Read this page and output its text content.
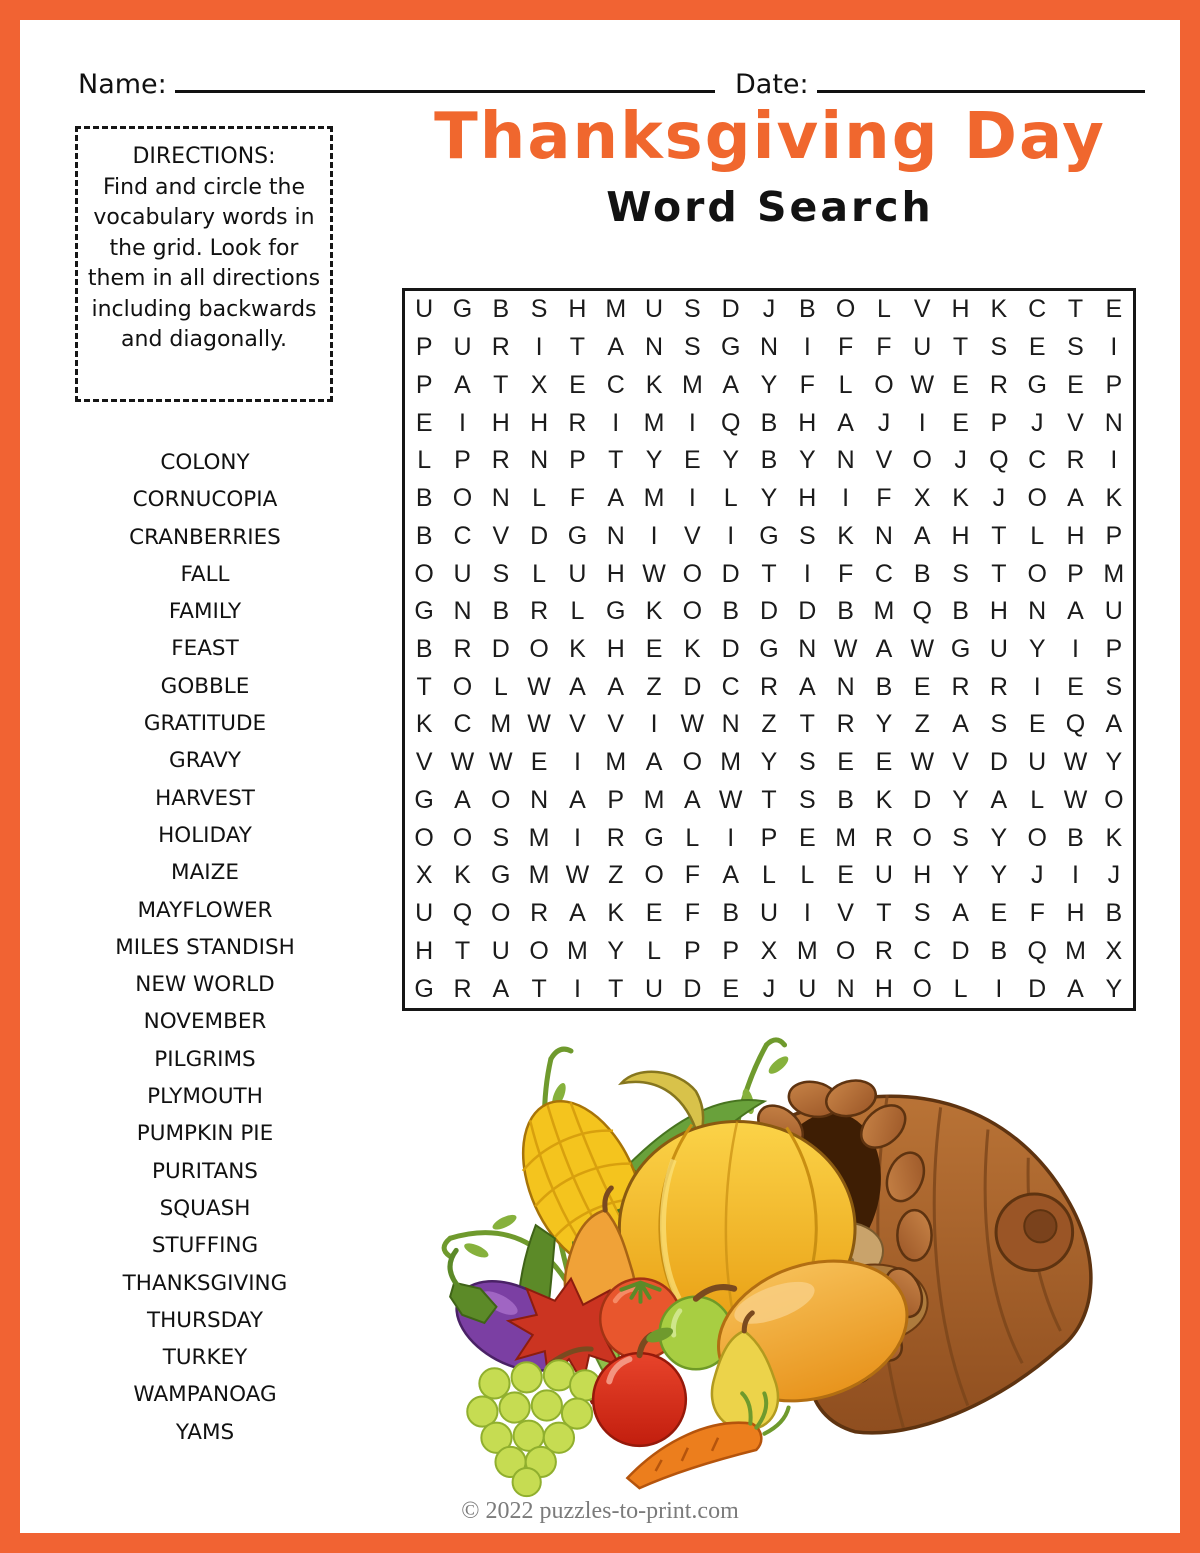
Name:	Date:
Thanksgiving Day
Word Search
DIRECTIONS:
Find and circle the vocabulary words in the grid. Look for them in all directions including backwards and diagonally.
COLONY
CORNUCOPIA
CRANBERRIES
FALL
FAMILY
FEAST
GOBBLE
GRATITUDE
GRAVY
HARVEST
HOLIDAY
MAIZE
MAYFLOWER
MILES STANDISH
NEW WORLD
NOVEMBER
PILGRIMS
PLYMOUTH
PUMPKIN PIE
PURITANS
SQUASH
STUFFING
THANKSGIVING
THURSDAY
TURKEY
WAMPANOAG
YAMS
U G B S H M U S D J B O L V H K C T E
P U R	I	T A N S G N	I	F F U T S E S	I
P A T X E C K M A Y F L O W E R G E P
E	I	H H R	I M I	Q B H A J	I	E P J V N
L P R N P T Y E Y B Y N V O J Q C R	I
B O N L F A M I	L Y H	I	F X K J O A K
B C V D G N	I	V	I	G S K N A H T L H P
O U S L U H W O D T	I	F C B S T O P M
G N B R L G K O B D D B M Q B H N A U
B R D O K H E K D G N W A W G U Y	I	P
T O L W A A Z D C R A N B E R R	I	E S
K C M W V V	I W N Z T R Y Z A S E Q A
V W W E	I M A O M Y S E E W V D U W Y
G A O N A P M A W T S B K D Y A L W O
O O S M I	R G L	I	P E M R O S Y O B K
X K G M W Z O F A L L E U H Y Y J	I	J
U Q O R A K E F B U	I	V T S A E F H B
H T U O M Y L P P X M O R C D B Q M X
G R A T	I	T U D E J U N H O L	I	D A Y
© 2022 puzzles-to-print.com
